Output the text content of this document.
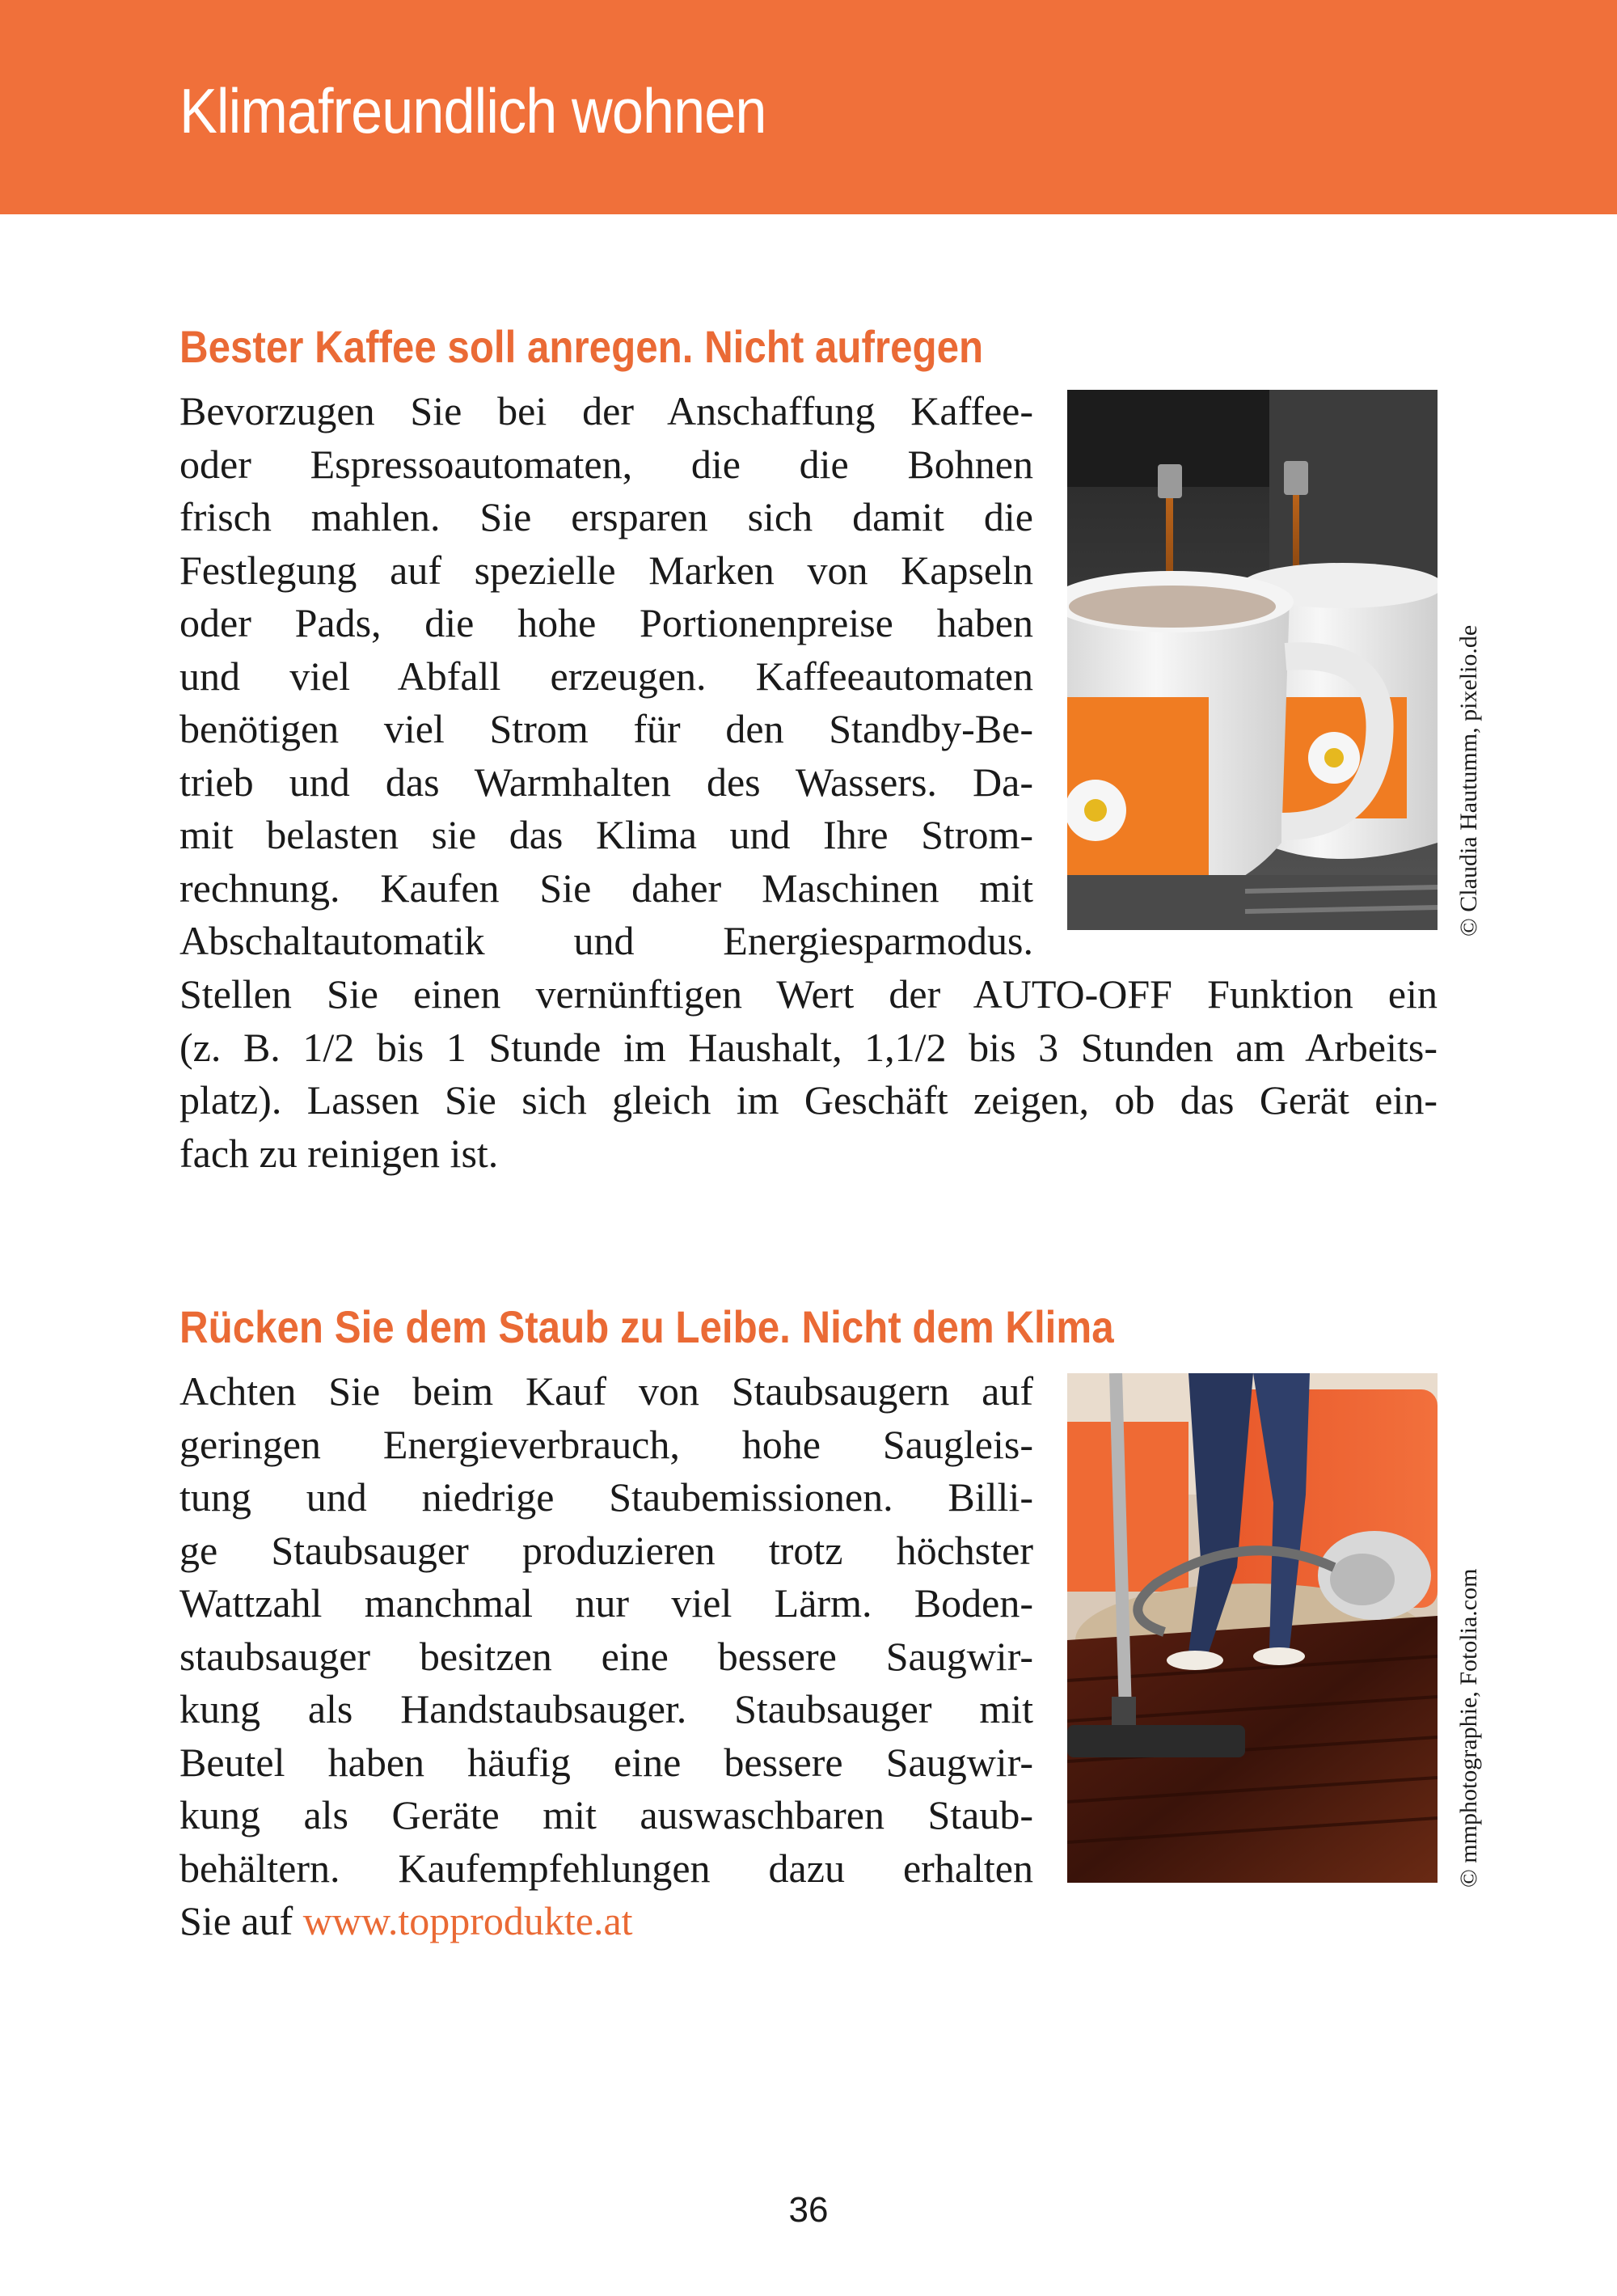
Klimafreundlich wohnen
Bester Kaffee soll anregen. Nicht aufregen
Bevorzugen Sie bei der Anschaffung Kaffee-
oder Espressoautomaten, die die Bohnen
frisch mahlen. Sie ersparen sich damit die
Festlegung auf spezielle Marken von Kapseln
oder Pads, die hohe Portionenpreise haben
und viel Abfall erzeugen. Kaffeeautomaten
benötigen viel Strom für den Standby-Be-
trieb und das Warmhalten des Wassers. Da-
mit belasten sie das Klima und Ihre Strom-
rechnung. Kaufen Sie daher Maschinen mit
Abschaltautomatik und Energiesparmodus.
Stellen Sie einen vernünftigen Wert der AUTO-OFF Funktion ein
(z. B. 1/2 bis 1 Stunde im Haushalt, 1,1/2 bis 3 Stunden am Arbeits-
platz). Lassen Sie sich gleich im Geschäft zeigen, ob das Gerät ein-
fach zu reinigen ist.
© Claudia Hautumm, pixelio.de
Rücken Sie dem Staub zu Leibe. Nicht dem Klima
Achten Sie beim Kauf von Staubsaugern auf
geringen Energieverbrauch, hohe Saugleis-
tung und niedrige Staubemissionen. Billi-
ge Staubsauger produzieren trotz höchster
Wattzahl manchmal nur viel Lärm. Boden-
staubsauger besitzen eine bessere Saugwir-
kung als Handstaubsauger. Staubsauger mit
Beutel haben häufig eine bessere Saugwir-
kung als Geräte mit auswaschbaren Staub-
behältern. Kaufempfehlungen dazu erhalten
Sie auf www.topprodukte.at
© mmphotographie, Fotolia.com
36
